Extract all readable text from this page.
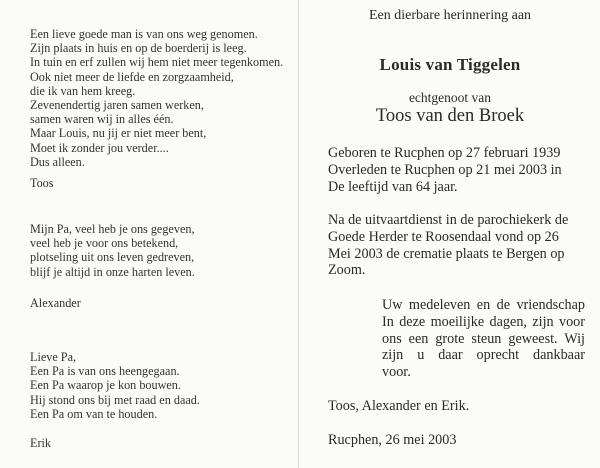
Een lieve goede man is van ons weg genomen.
Zijn plaats in huis en op de boerderij is leeg.
In tuin en erf zullen wij hem niet meer tegenkomen.
Ook niet meer de liefde en zorgzaamheid,
die ik van hem kreeg.
Zevenendertig jaren samen werken,
samen waren wij in alles één.
Maar Louis, nu jij er niet meer bent,
Moet ik zonder jou verder....
Dus alleen.
Toos
Mijn Pa, veel heb je ons gegeven,
veel heb je voor ons betekend,
plotseling uit ons leven gedreven,
blijf je altijd in onze harten leven.
Alexander
Lieve Pa,
Een Pa is van ons heengegaan.
Een Pa waarop je kon bouwen.
Hij stond ons bij met raad en daad.
Een Pa om van te houden.
Erik
Een dierbare herinnering aan
Louis van Tiggelen
echtgenoot van
Toos van den Broek
Geboren te Rucphen op 27 februari 1939
Overleden te Rucphen op 21 mei 2003 in
De leeftijd van 64 jaar.
Na de uitvaartdienst in de parochiekerk de
Goede Herder te Roosendaal vond op 26
Mei 2003 de crematie plaats te Bergen op
Zoom.
Uw medeleven en de vriendschap
In deze moeilijke dagen, zijn voor
ons een grote steun geweest. Wij
zijn u daar oprecht dankbaar
voor.
Toos, Alexander en Erik.
Rucphen, 26 mei 2003
